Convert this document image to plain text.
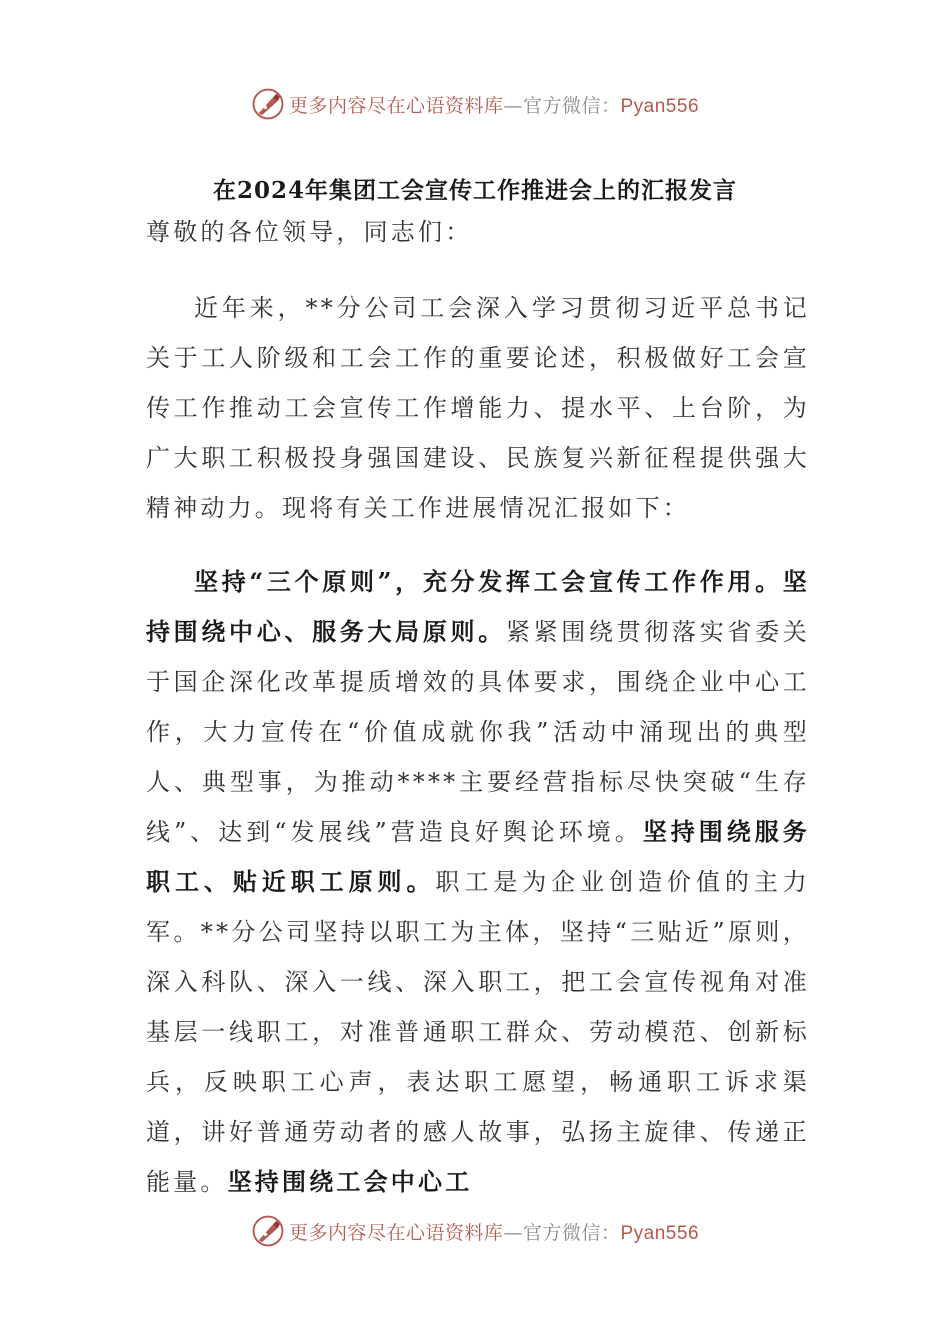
更多内容尽在心语资料库—官方微信：Pyan556
在2024年集团工会宣传工作推进会上的汇报发言

尊敬的各位领导，同志们：

近年来，**分公司工会深入学习贯彻习近平总书记关于工人阶级和工会工作的重要论述，积极做好工会宣传工作推动工会宣传工作增能力、提水平、上台阶，为广大职工积极投身强国建设、民族复兴新征程提供强大精神动力。现将有关工作进展情况汇报如下：

坚持“三个原则”，充分发挥工会宣传工作作用。坚持围绕中心、服务大局原则。紧紧围绕贯彻落实省委关于国企深化改革提质增效的具体要求，围绕企业中心工作，大力宣传在“价值成就你我”活动中涌现出的典型人、典型事，为推动****主要经营指标尽快突破“生存线”、达到“发展线”营造良好舆论环境。坚持围绕服务职工、贴近职工原则。职工是为企业创造价值的主力军。**分公司坚持以职工为主体，坚持“三贴近”原则，深入科队、深入一线、深入职工，把工会宣传视角对准基层一线职工，对准普通职工群众、劳动模范、创新标兵，反映职工心声，表达职工愿望，畅通职工诉求渠道，讲好普通劳动者的感人故事，弘扬主旋律、传递正能量。坚持围绕工会中心工

更多内容尽在心语资料库—官方微信：Pyan556
